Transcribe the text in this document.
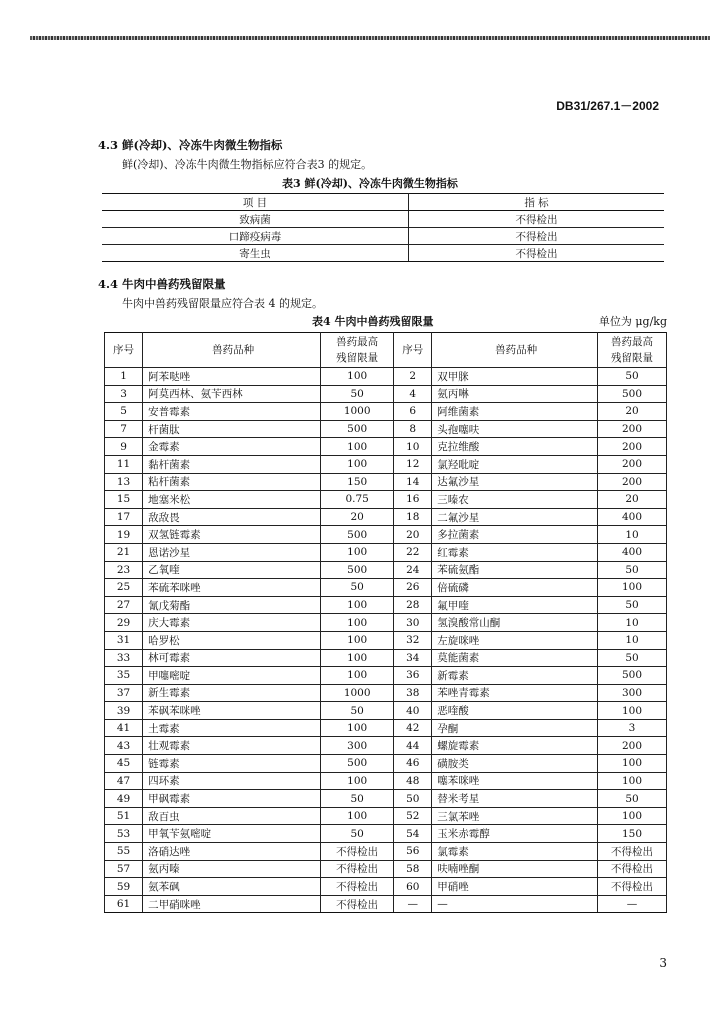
DB31/267.1－2002
4.3 鲜(冷却)、冷冻牛肉微生物指标
鲜(冷却)、冷冻牛肉微生物指标应符合表3 的规定。
表3 鲜(冷却)、冷冻牛肉微生物指标
项 目	指 标
致病菌	不得检出
口蹄疫病毒	不得检出
寄生虫	不得检出
4.4 牛肉中兽药残留限量
牛肉中兽药残留限量应符合表 4 的规定。
表4 牛肉中兽药残留限量	单位为 μg/kg
序号	兽药品种	兽药最高
残留限量	序号	兽药品种	兽药最高
残留限量
1	阿苯哒唑	100	2	双甲脒	50
3	阿莫西林、氨苄西林	50	4	氨丙啉	500
5	安普霉素	1000	6	阿维菌素	20
7	杆菌肽	500	8	头孢噻呋	200
9	金霉素	100	10	克拉维酸	200
11	黏杆菌素	100	12	氯羟吡啶	200
13	粘杆菌素	150	14	达氟沙星	200
15	地塞米松	0.75	16	三嗪农	20
17	敌敌畏	20	18	二氟沙星	400
19	双氢链霉素	500	20	多拉菌素	10
21	恩诺沙星	100	22	红霉素	400
23	乙氧喹	500	24	苯硫氨酯	50
25	苯硫苯咪唑	50	26	倍硫磷	100
27	氰戊菊酯	100	28	氟甲喹	50
29	庆大霉素	100	30	氢溴酸常山酮	10
31	哈罗松	100	32	左旋咪唑	10
33	林可霉素	100	34	莫能菌素	50
35	甲噻嘧啶	100	36	新霉素	500
37	新生霉素	1000	38	苯唑青霉素	300
39	苯砜苯咪唑	50	40	恶喹酸	100
41	土霉素	100	42	孕酮	3
43	壮观霉素	300	44	螺旋霉素	200
45	链霉素	500	46	磺胺类	100
47	四环素	100	48	噻苯咪唑	100
49	甲砜霉素	50	50	替米考星	50
51	敌百虫	100	52	三氯苯唑	100
53	甲氧苄氨嘧啶	50	54	玉米赤霉醇	150
55	洛硝达唑	不得检出	56	氯霉素	不得检出
57	氨丙嗪	不得检出	58	呋喃唑酮	不得检出
59	氨苯砜	不得检出	60	甲硝唑	不得检出
61	二甲硝咪唑	不得检出	—	—	—
3
